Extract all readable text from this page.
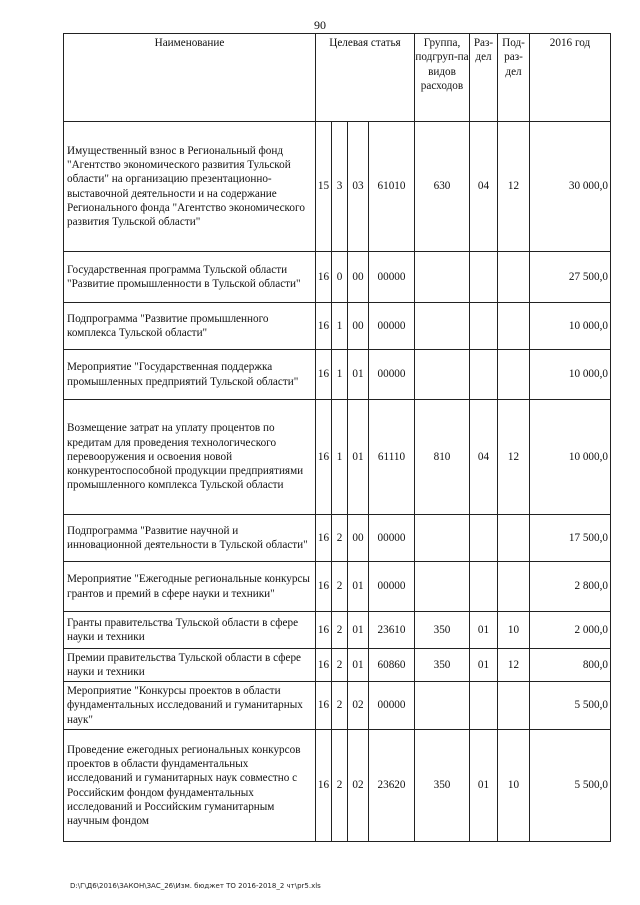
90
Наименование	Целевая статья				Группа, подгруп-па видов расходов	Раз-дел	Под-раз-дел	2016 год
Имущественный взнос в Региональный фонд "Агентство экономического развития Тульской области" на организацию презентационно-выставочной деятельности и на содержание Регионального фонда "Агентство экономического развития Тульской области"	15	3	03	61010	630	04	12	30 000,0
Государственная программа Тульской области "Развитие промышленности в Тульской области"	16	0	00	00000				27 500,0
Подпрограмма "Развитие промышленного комплекса Тульской области"	16	1	00	00000				10 000,0
Мероприятие "Государственная поддержка промышленных предприятий Тульской области"	16	1	01	00000				10 000,0
Возмещение затрат на уплату процентов по кредитам для проведения технологического перевооружения и освоения новой конкурентоспособной продукции предприятиями промышленного комплекса Тульской области	16	1	01	61110	810	04	12	10 000,0
Подпрограмма "Развитие научной и инновационной деятельности в Тульской области"	16	2	00	00000				17 500,0
Мероприятие "Ежегодные региональные конкурсы грантов и премий в сфере науки и техники"	16	2	01	00000				2 800,0
Гранты правительства Тульской области в сфере науки и техники	16	2	01	23610	350	01	10	2 000,0
Премии правительства Тульской области в сфере науки и техники	16	2	01	60860	350	01	12	800,0
Мероприятие "Конкурсы проектов в области фундаментальных исследований и гуманитарных наук"	16	2	02	00000				5 500,0
Проведение ежегодных региональных конкурсов проектов в области фундаментальных исследований и гуманитарных наук совместно с Российским фондом фундаментальных исследований и Российским гуманитарным научным фондом	16	2	02	23620	350	01	10	5 500,0
D:\Г\Д6\2016\ЗАКОН\ЗАС_26\Изм. бюджет ТО 2016-2018_2 чт\pr5.xls
